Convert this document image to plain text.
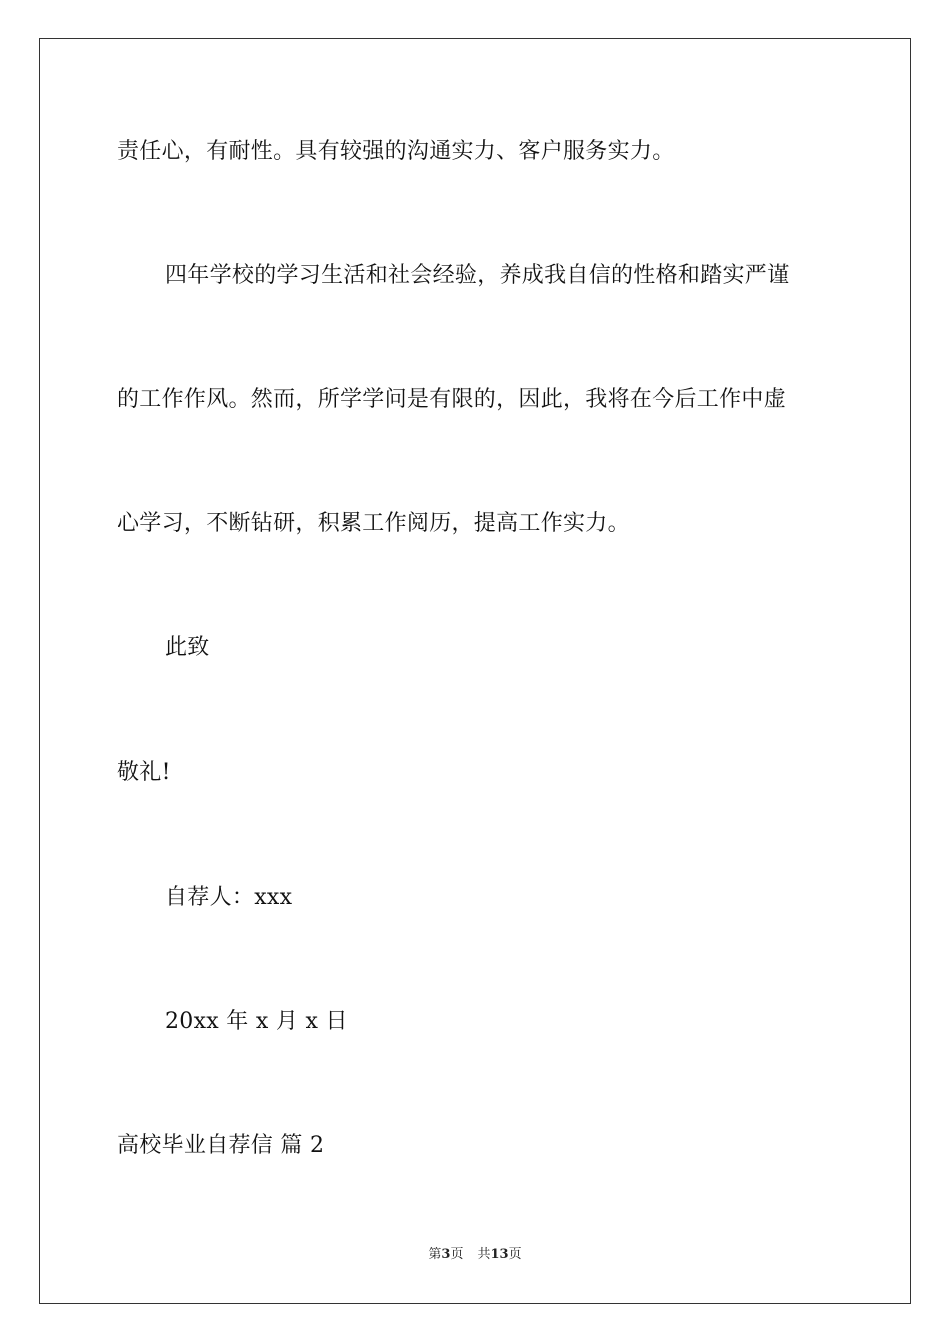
责任心，有耐性。具有较强的沟通实力、客户服务实力。
四年学校的学习生活和社会经验，养成我自信的性格和踏实严谨
的工作作风。然而，所学学问是有限的，因此，我将在今后工作中虚
心学习，不断钻研，积累工作阅历，提高工作实力。
此致
敬礼!
自荐人：xxx
20xx 年 x 月 x 日
高校毕业自荐信 篇 2
第3页 共13页
